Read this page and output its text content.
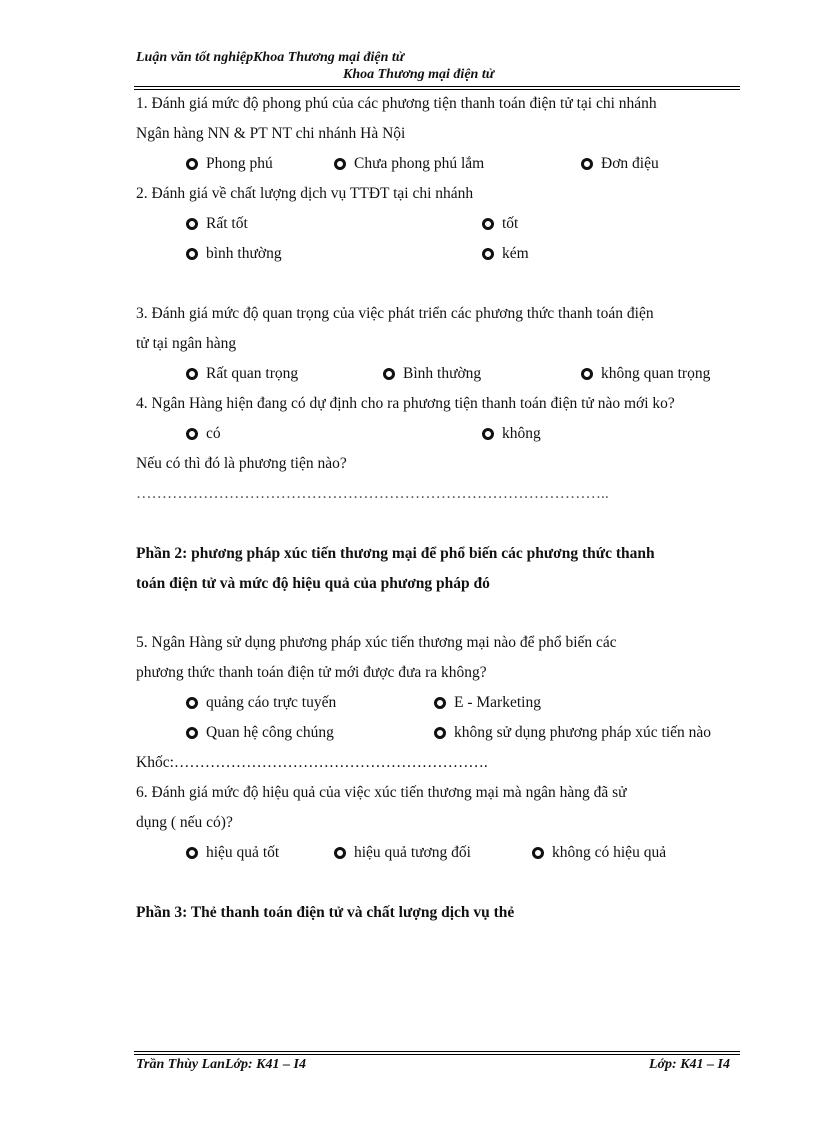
Luận văn tốt nghiệpKhoa Thương mại điện tử
Khoa Thương mại điện tử
1. Đánh giá mức độ phong phú của các phương tiện thanh toán điện tử tại chi nhánh
Ngân hàng NN & PT NT chi nhánh Hà Nội
Phong phú	Chưa phong phú lắm	Đơn điệu
2. Đánh giá về chất lượng dịch vụ TTĐT tại chi nhánh
Rất tốt	tốt
bình thường	kém
3. Đánh giá mức độ quan trọng của việc phát triển các phương thức thanh toán điện
tử tại ngân hàng
Rất quan trọng	Bình thường	không quan trọng
4. Ngân Hàng hiện đang có dự định cho ra phương tiện thanh toán điện tử nào mới ko?
có	không
Nếu có thì đó là phương tiện nào?
………………………………………………………………………………..
Phần 2: phương pháp xúc tiến thương mại để phổ biến các phương thức thanh
toán điện tử và mức độ hiệu quả của phương pháp đó
5. Ngân Hàng sử dụng phương pháp xúc tiến thương mại nào để phổ biến các
phương thức thanh toán điện tử mới được đưa ra không?
quảng cáo trực tuyến	E - Marketing
Quan hệ công chúng	không sử dụng phương pháp xúc tiến nào
Khốc:…………………………………………………….
6. Đánh giá mức độ hiệu quả của việc xúc tiến thương mại mà ngân hàng đã sử
dụng ( nếu có)?
hiệu quả tốt	hiệu quả tương đối	không có hiệu quả
Phần 3: Thẻ thanh toán điện tử và chất lượng dịch vụ thẻ
Trần Thùy LanLớp: K41 – I4	Lớp: K41 – I4
